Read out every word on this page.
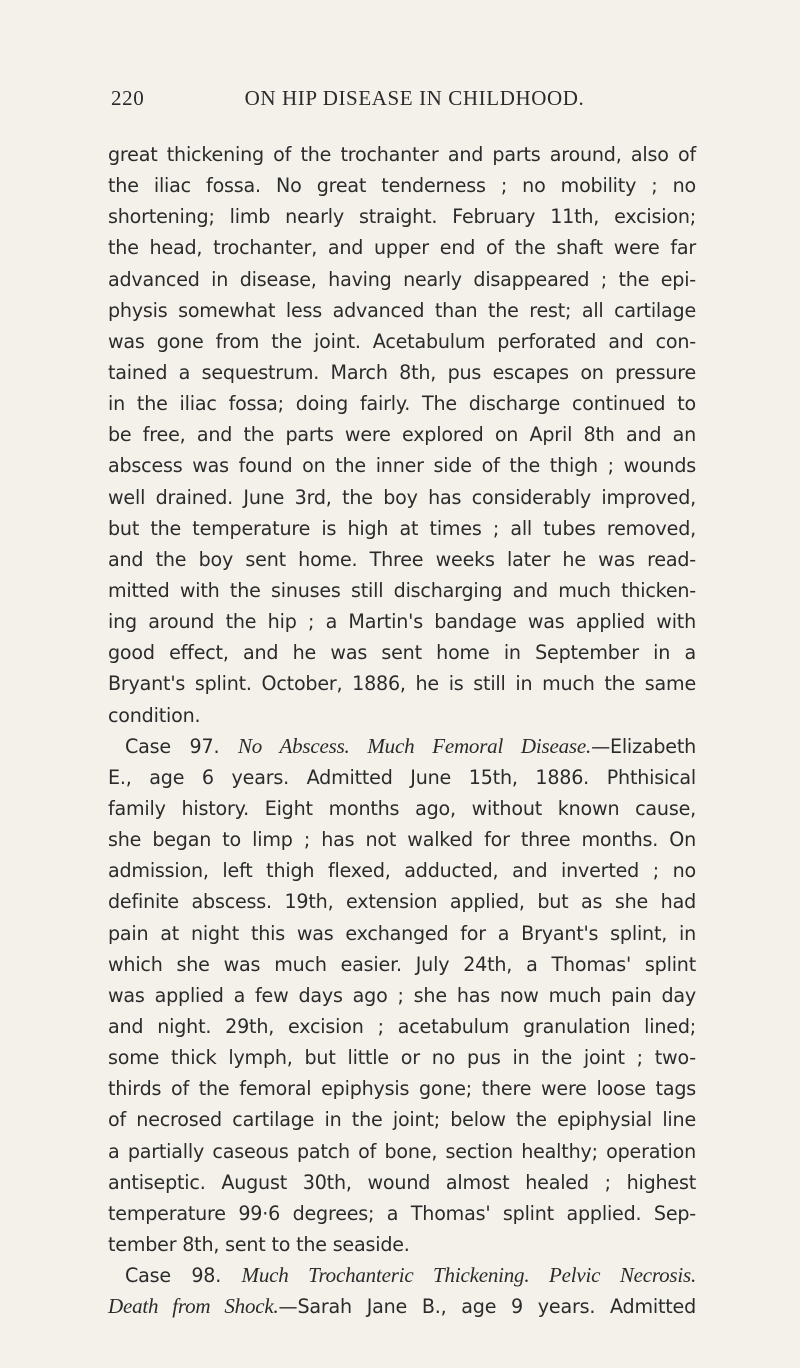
220	ON HIP DISEASE IN CHILDHOOD.
great thickening of the trochanter and parts around, also of
the iliac fossa. No great tenderness ; no mobility ; no
shortening; limb nearly straight. February 11th, excision;
the head, trochanter, and upper end of the shaft were far
advanced in disease, having nearly disappeared ; the epi-
physis somewhat less advanced than the rest; all cartilage
was gone from the joint. Acetabulum perforated and con-
tained a sequestrum. March 8th, pus escapes on pressure
in the iliac fossa; doing fairly. The discharge continued to
be free, and the parts were explored on April 8th and an
abscess was found on the inner side of the thigh ; wounds
well drained. June 3rd, the boy has considerably improved,
but the temperature is high at times ; all tubes removed,
and the boy sent home. Three weeks later he was read-
mitted with the sinuses still discharging and much thicken-
ing around the hip ; a Martin's bandage was applied with
good effect, and he was sent home in September in a
Bryant's splint. October, 1886, he is still in much the same
condition.
Case 97. No Abscess. Much Femoral Disease.—Elizabeth
E., age 6 years. Admitted June 15th, 1886. Phthisical
family history. Eight months ago, without known cause,
she began to limp ; has not walked for three months. On
admission, left thigh flexed, adducted, and inverted ; no
definite abscess. 19th, extension applied, but as she had
pain at night this was exchanged for a Bryant's splint, in
which she was much easier. July 24th, a Thomas' splint
was applied a few days ago ; she has now much pain day
and night. 29th, excision ; acetabulum granulation lined;
some thick lymph, but little or no pus in the joint ; two-
thirds of the femoral epiphysis gone; there were loose tags
of necrosed cartilage in the joint; below the epiphysial line
a partially caseous patch of bone, section healthy; operation
antiseptic. August 30th, wound almost healed ; highest
temperature 99·6 degrees; a Thomas' splint applied. Sep-
tember 8th, sent to the seaside.
Case 98. Much Trochanteric Thickening. Pelvic Necrosis.
Death from Shock.—Sarah Jane B., age 9 years. Admitted
